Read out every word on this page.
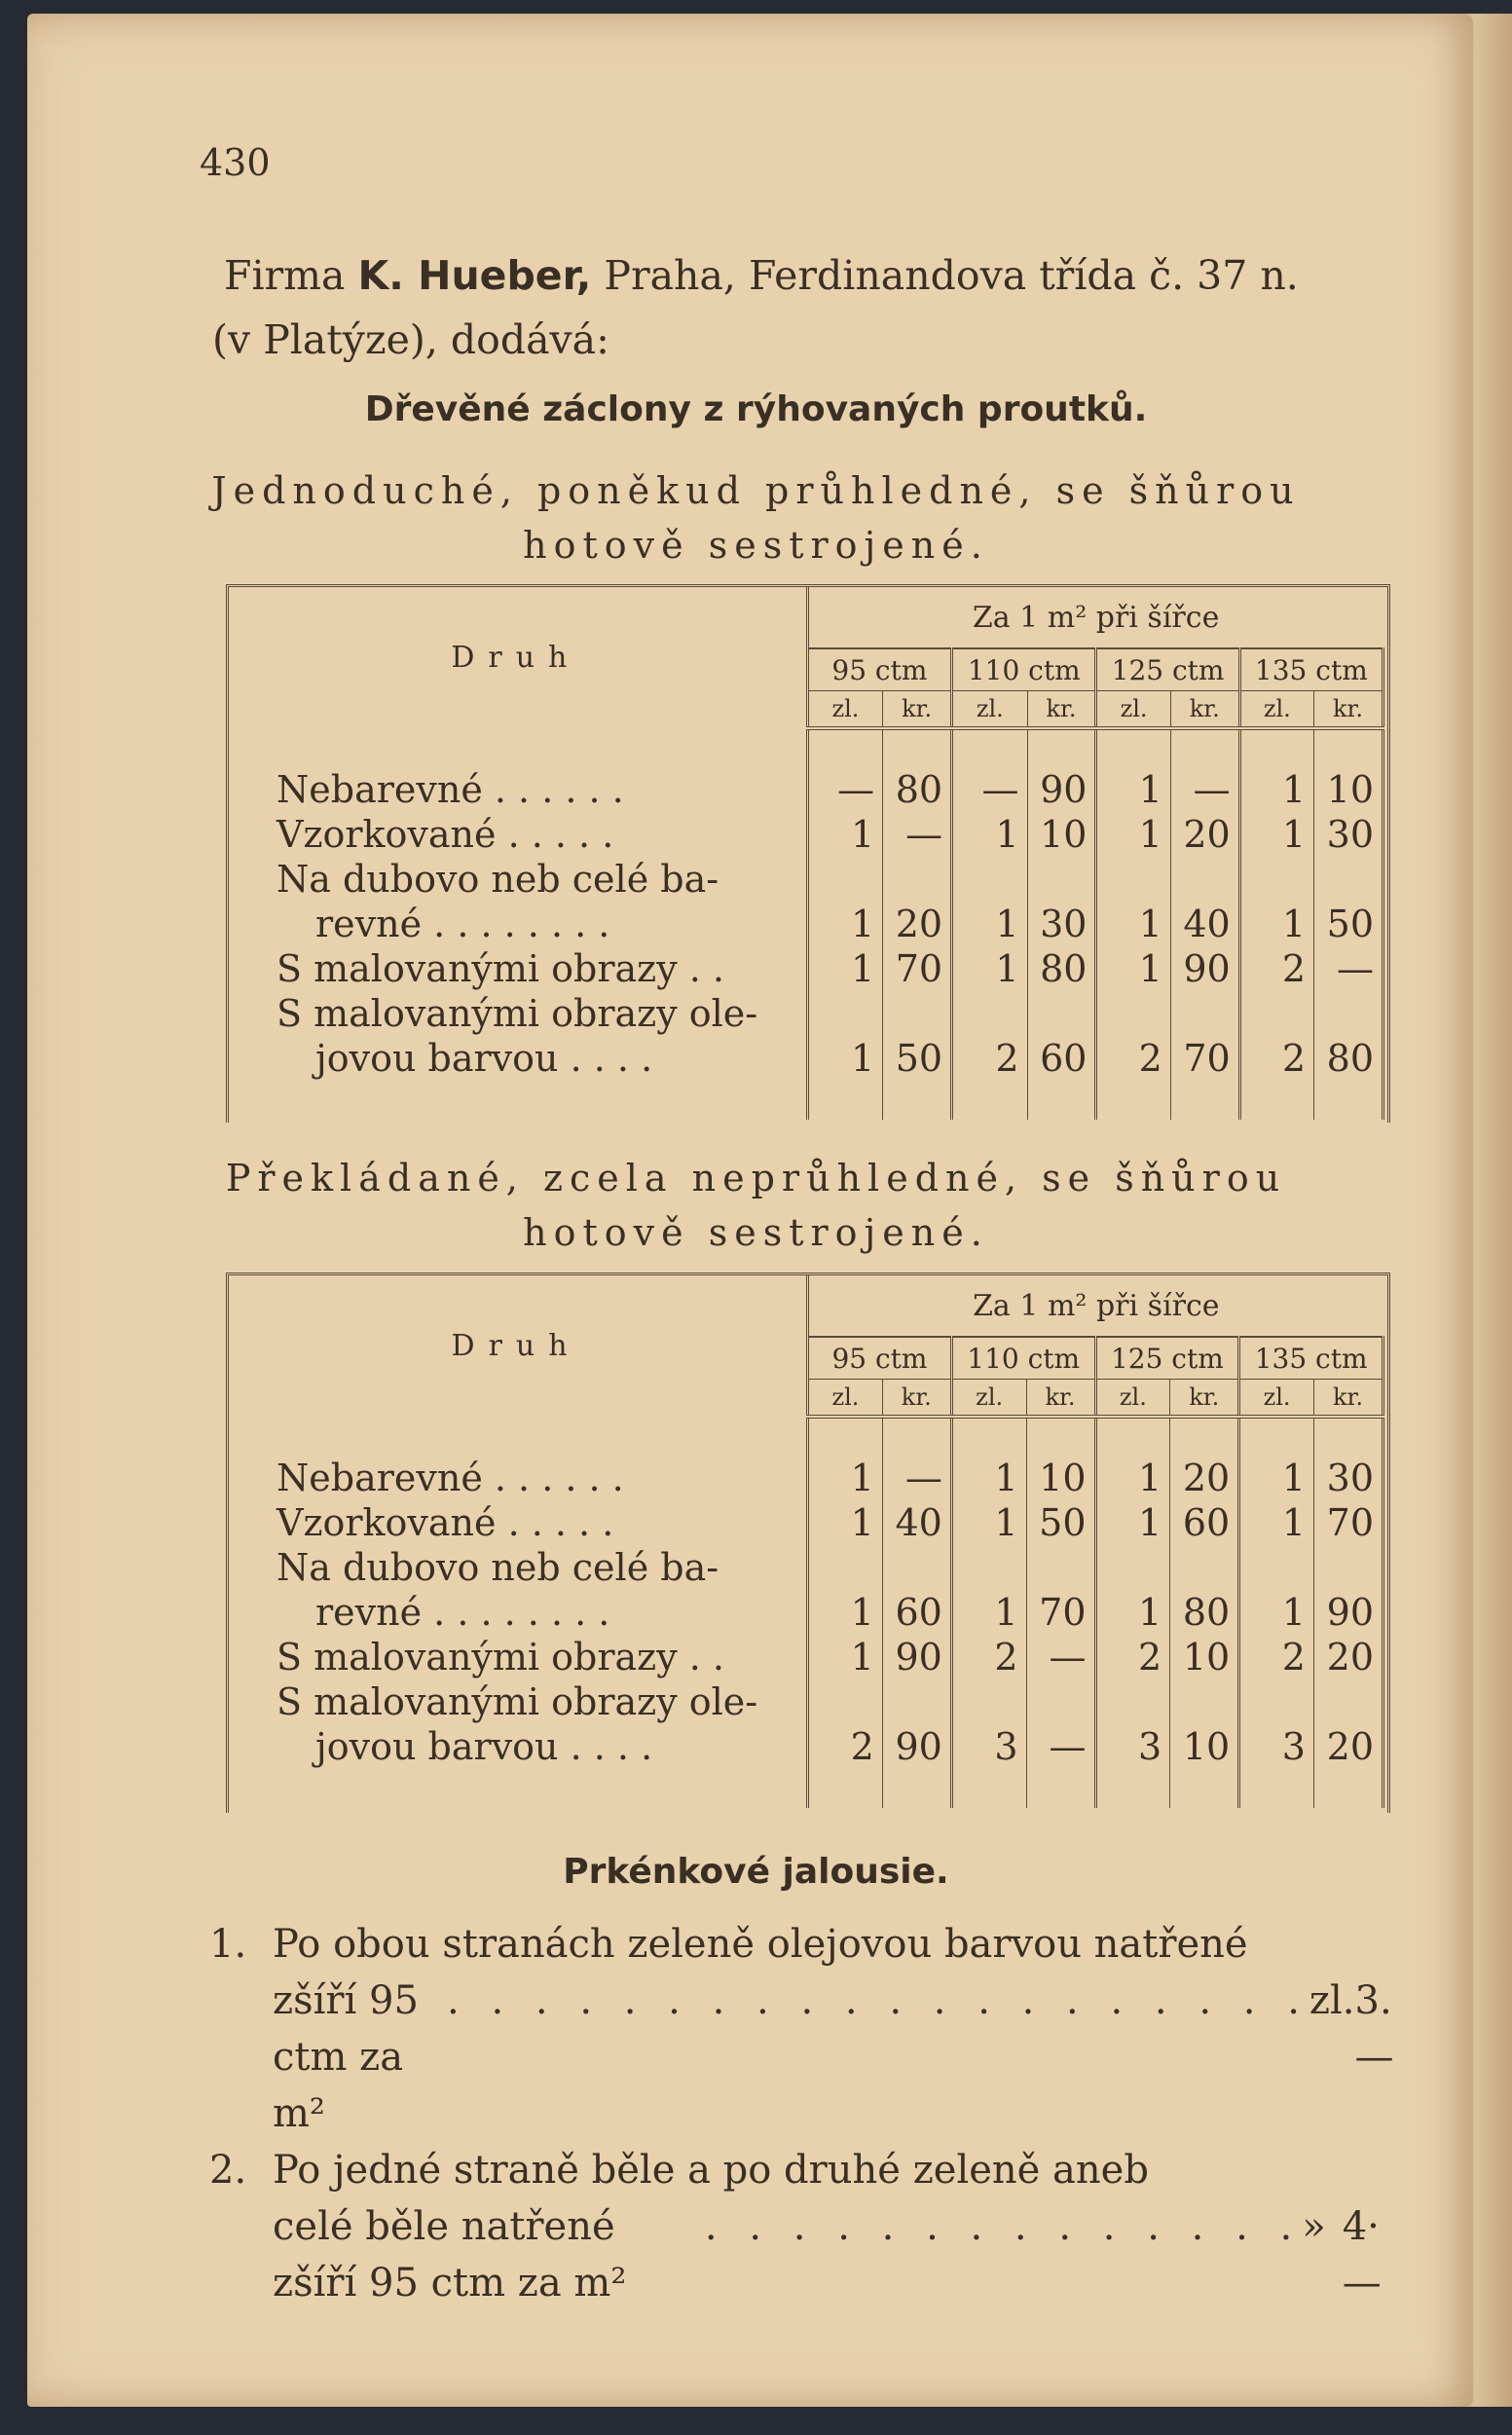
430
Firma K. Hueber, Praha, Ferdinandova třída č. 37 n.
(v Platýze), dodává:
Dřevěné záclony z rýhovaných proutků.
Jednoduché, poněkud průhledné, se šňůrou
hotově sestrojené.
Druh	Za 1 m² při šířce							
	95 ctm		110 ctm		125 ctm		135 ctm	
	zl.	kr.	zl.	kr.	zl.	kr.	zl.	kr.

Nebarevné . . . . . .	—	80	—	90	1	—	1	10
Vzorkované . . . . .	1	—	1	10	1	20	1	30
Na dubovo neb celé ba-								
revné . . . . . . . .	1	20	1	30	1	40	1	50
S malovanými obrazy . .	1	70	1	80	1	90	2	—
S malovanými obrazy ole-								
jovou barvou . . . .	1	50	2	60	2	70	2	80

Překládané, zcela neprůhledné, se šňůrou
hotově sestrojené.
Druh	Za 1 m² při šířce							
	95 ctm		110 ctm		125 ctm		135 ctm	
	zl.	kr.	zl.	kr.	zl.	kr.	zl.	kr.

Nebarevné . . . . . .	1	—	1	10	1	20	1	30
Vzorkované . . . . .	1	40	1	50	1	60	1	70
Na dubovo neb celé ba-								
revné . . . . . . . .	1	60	1	70	1	80	1	90
S malovanými obrazy . .	1	90	2	—	2	10	2	20
S malovanými obrazy ole-								
jovou barvou . . . .	2	90	3	—	3	10	3	20

Prkénkové jalousie.
1. Po obou stranách zeleně olejovou barvou natřené
zšíří 95 ctm za m²

. . . . . . . . . . . . . . . . . . . . zl. 3.—
2. Po jedné straně běle a po druhé zeleně aneb
celé běle natřené zšíří 95 ctm za m²

. . . . . . . . . . . . . . » 4·—
